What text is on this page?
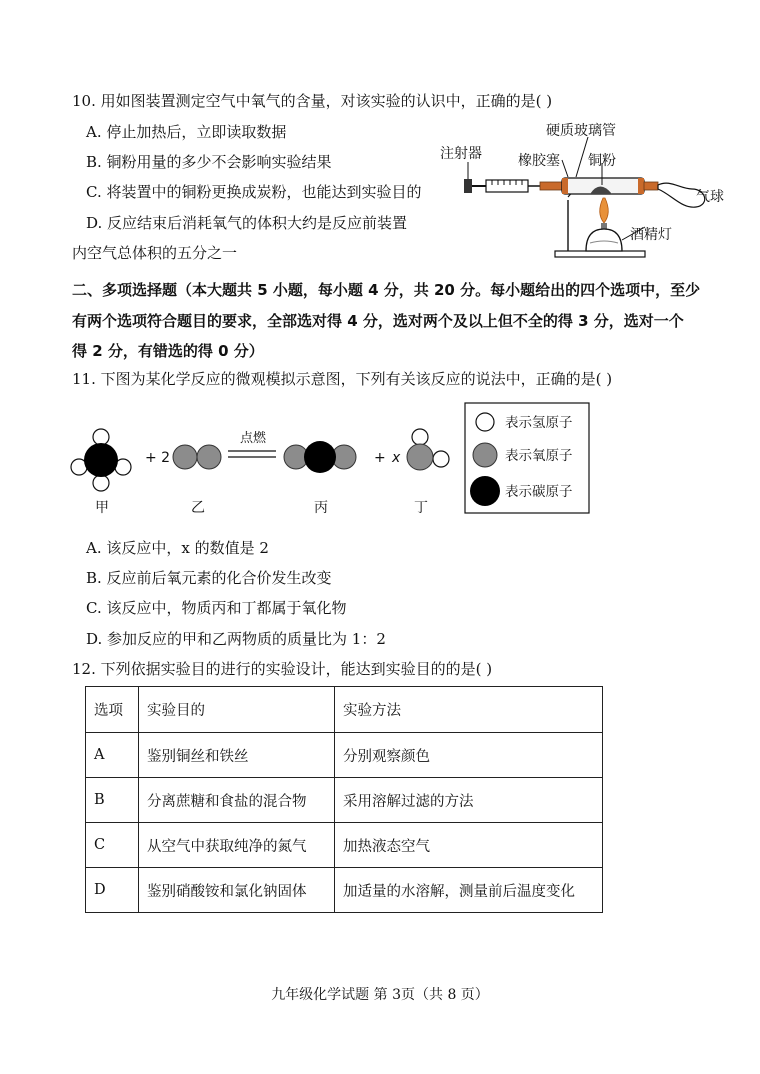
10. 用如图装置测定空气中氧气的含量，对该实验的认识中，正确的是( )
A. 停止加热后，立即读取数据
B. 铜粉用量的多少不会影响实验结果
C. 将装置中的铜粉更换成炭粉，也能达到实验目的
D. 反应结束后消耗氧气的体积大约是反应前装置
内空气总体积的五分之一
注射器
硬质玻璃管
橡胶塞 铜粉
气球
酒精灯
二、多项选择题（本大题共 5 小题，每小题 4 分，共 20 分。每小题给出的四个选项中，至少
有两个选项符合题目的要求，全部选对得 4 分，选对两个及以上但不全的得 3 分，选对一个
得 2 分，有错选的得 0 分）
11. 下图为某化学反应的微观模拟示意图，下列有关该反应的说法中，正确的是( )
+ 2
点燃
+ x
甲	乙	丙	丁
表示氢原子
表示氧原子
表示碳原子
A. 该反应中，x 的数值是 2
B. 反应前后氧元素的化合价发生改变
C. 该反应中，物质丙和丁都属于氧化物
D. 参加反应的甲和乙两物质的质量比为 1：2
12. 下列依据实验目的进行的实验设计，能达到实验目的的是( )
选项	实验目的	实验方法
A	鉴别铜丝和铁丝	分别观察颜色
B	分离蔗糖和食盐的混合物	采用溶解过滤的方法
C	从空气中获取纯净的氮气	加热液态空气
D	鉴别硝酸铵和氯化钠固体	加适量的水溶解，测量前后温度变化
九年级化学试题 第 3页（共 8 页）
